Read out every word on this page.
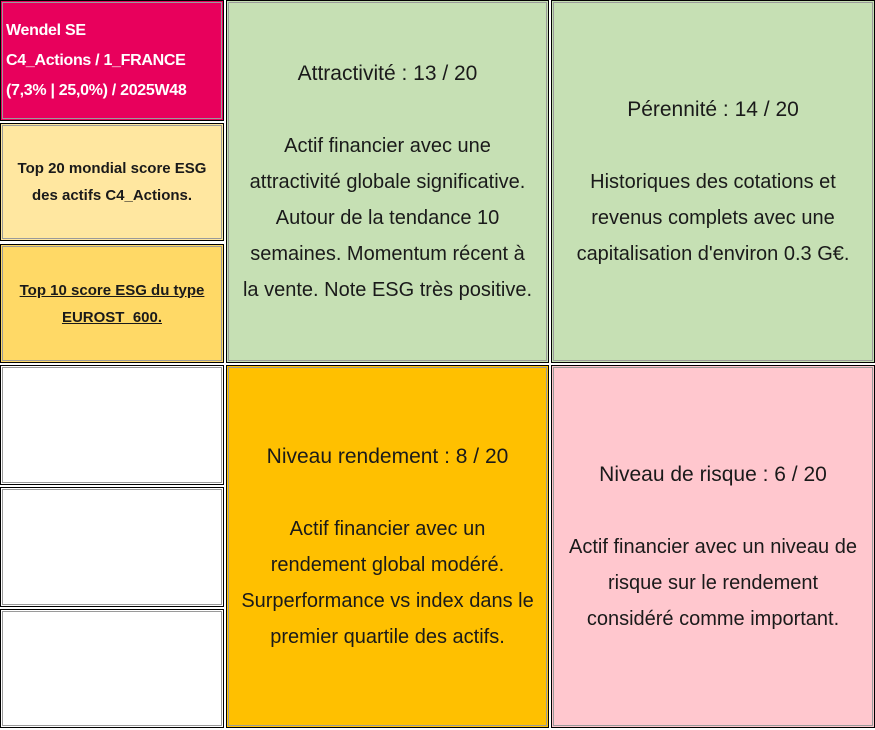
Wendel SE
C4_Actions / 1_FRANCE
(7,3% | 25,0%) / 2025W48
Top 20 mondial score ESG
des actifs C4_Actions.
Top 10 score ESG du type
EUROST_600.
Attractivité : 13 / 20
Actif financier avec une
attractivité globale significative.
Autour de la tendance 10
semaines. Momentum récent à
la vente. Note ESG très positive.
Pérennité : 14 / 20
Historiques des cotations et
revenus complets avec une
capitalisation d'environ 0.3 G€.
Niveau rendement : 8 / 20
Actif financier avec un
rendement global modéré.
Surperformance vs index dans le
premier quartile des actifs.
Niveau de risque : 6 / 20
Actif financier avec un niveau de
risque sur le rendement
considéré comme important.
